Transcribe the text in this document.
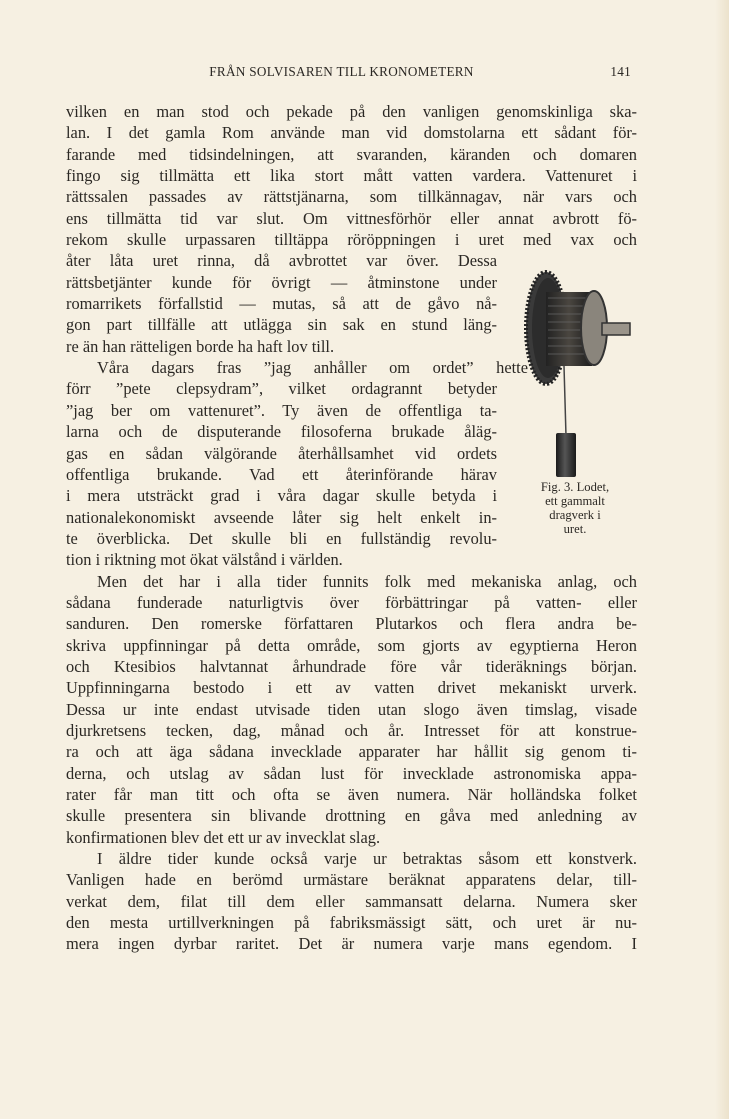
FRÅN SOLVISAREN TILL KRONOMETERN	141
vilken en man stod och pekade på den vanligen genomskinliga ska-
lan. I det gamla Rom använde man vid domstolarna ett sådant för-
farande med tidsindelningen, att svaranden, käranden och domaren
fingo sig tillmätta ett lika stort mått vatten vardera. Vattenuret i
rättssalen passades av rättstjänarna, som tillkännagav, när vars och
ens tillmätta tid var slut. Om vittnesförhör eller annat avbrott fö-
rekom skulle urpassaren tilltäppa röröppningen i uret med vax och
åter låta uret rinna, då avbrottet var över. Dessa
rättsbetjänter kunde för övrigt — åtminstone under
romarrikets förfallstid — mutas, så att de gåvo nå-
gon part tillfälle att utlägga sin sak en stund läng-
re än han rätteligen borde ha haft lov till.
Våra dagars fras ”jag anhåller om ordet” hette
förr ”pete clepsydram”, vilket ordagrannt betyder
”jag ber om vattenuret”. Ty även de offentliga ta-
larna och de disputerande filosoferna brukade åläg-
gas en sådan välgörande återhållsamhet vid ordets
offentliga brukande. Vad ett återinförande härav
i mera utsträckt grad i våra dagar skulle betyda i
nationalekonomiskt avseende låter sig helt enkelt in-
te överblicka. Det skulle bli en fullständig revolu-
tion i riktning mot ökat välstånd i världen.
Men det har i alla tider funnits folk med mekaniska anlag, och
sådana funderade naturligtvis över förbättringar på vatten- eller
sanduren. Den romerske författaren Plutarkos och flera andra be-
skriva uppfinningar på detta område, som gjorts av egyptierna Heron
och Ktesibios halvtannat århundrade före vår tideräknings början.
Uppfinningarna bestodo i ett av vatten drivet mekaniskt urverk.
Dessa ur inte endast utvisade tiden utan slogo även timslag, visade
djurkretsens tecken, dag, månad och år. Intresset för att konstrue-
ra och att äga sådana invecklade apparater har hållit sig genom ti-
derna, och utslag av sådan lust för invecklade astronomiska appa-
rater får man titt och ofta se även numera. När holländska folket
skulle presentera sin blivande drottning en gåva med anledning av
konfirmationen blev det ett ur av invecklat slag.
I äldre tider kunde också varje ur betraktas såsom ett konstverk.
Vanligen hade en berömd urmästare beräknat apparatens delar, till-
verkat dem, filat till dem eller sammansatt delarna. Numera sker
den mesta urtillverkningen på fabriksmässigt sätt, och uret är nu-
mera ingen dyrbar raritet. Det är numera varje mans egendom. I
Fig. 3. Lodet,
ett gammalt
dragverk i
uret.
